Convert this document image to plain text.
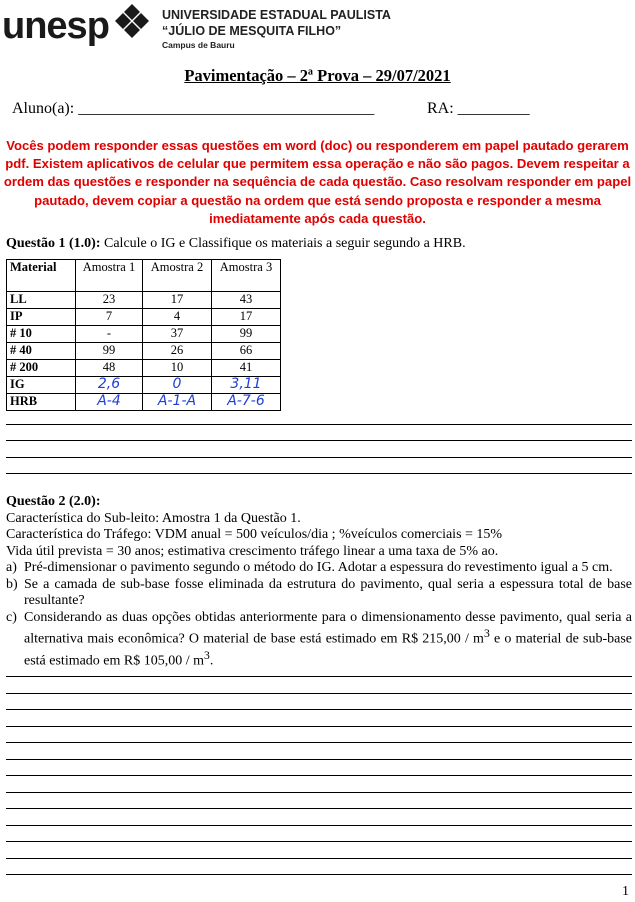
unesp	UNIVERSIDADE ESTADUAL PAULISTA
“JÚLIO DE MESQUITA FILHO”
Campus de Bauru
Pavimentação – 2ª Prova – 29/07/2021
Aluno(a): _____________________________________	RA: _________
Vocês podem responder essas questões em word (doc) ou responderem em papel pautado gerarem pdf. Existem aplicativos de celular que permitem essa operação e não são pagos. Devem respeitar a ordem das questões e responder na sequência de cada questão. Caso resolvam responder em papel pautado, devem copiar a questão na ordem que está sendo proposta e responder a mesma imediatamente após cada questão.
Questão 1 (1.0): Calcule o IG e Classifique os materiais a seguir segundo a HRB.
Material	Amostra 1	Amostra 2	Amostra 3
LL	23	17	43
IP	7	4	17
# 10	-	37	99
# 40	99	26	66
# 200	48	10	41
IG	2,6	0	3,11
HRB	A-4	A-1-A	A-7-6

Questão 2 (2.0):

Característica do Sub-leito: Amostra 1 da Questão 1.

Característica do Tráfego: VDM anual = 500 veículos/dia ; %veículos comerciais = 15%

Vida útil prevista = 30 anos; estimativa crescimento tráfego linear a uma taxa de 5% ao.

a) Pré-dimensionar o pavimento segundo o método do IG. Adotar a espessura do revestimento igual a 5 cm.

b) Se a camada de sub-base fosse eliminada da estrutura do pavimento, qual seria a espessura total de base resultante?

c) Considerando as duas opções obtidas anteriormente para o dimensionamento desse pavimento, qual seria a alternativa mais econômica? O material de base está estimado em R$ $215,00 / m^3$ e o material de sub-base está estimado em R$ $105,00 / m^3$.

1
